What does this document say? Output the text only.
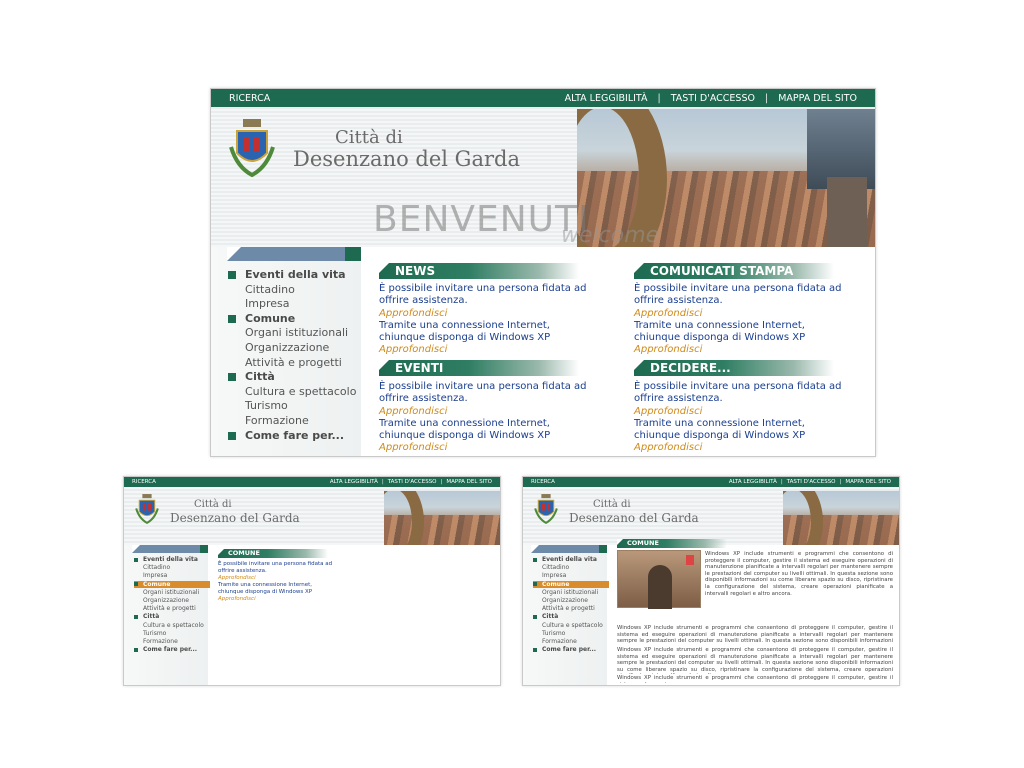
RICERCA	ALTA LEGGIBILITÀ | TASTI D'ACCESSO | MAPPA DEL SITO
Città di
Desenzano del Garda
BENVENUTI
welcome
Eventi della vita
Cittadino
Impresa
Comune
Organi istituzionali
Organizzazione
Attività e progetti
Città
Cultura e spettacolo
Turismo
Formazione
Come fare per...
NEWS
È possibile invitare una persona fidata ad offrire assistenza.
Approfondisci
Tramite una connessione Internet, chiunque disponga di Windows XP
Approfondisci
COMUNICATI STAMPA
È possibile invitare una persona fidata ad offrire assistenza.
Approfondisci
Tramite una connessione Internet, chiunque disponga di Windows XP
Approfondisci
EVENTI
È possibile invitare una persona fidata ad offrire assistenza.
Approfondisci
Tramite una connessione Internet, chiunque disponga di Windows XP
Approfondisci
DECIDERE...
È possibile invitare una persona fidata ad offrire assistenza.
Approfondisci
Tramite una connessione Internet, chiunque disponga di Windows XP
Approfondisci
RICERCA	ALTA LEGGIBILITÀ | TASTI D'ACCESSO | MAPPA DEL SITO
Città di
Desenzano del Garda
Eventi della vita
Cittadino
Impresa
Comune
Organi istituzionali
Organizzazione
Attività e progetti
Città
Cultura e spettacolo
Turismo
Formazione
Come fare per...
COMUNE
È possibile invitare una persona fidata ad offrire assistenza.
Approfondisci
Tramite una connessione Internet, chiunque disponga di Windows XP
Approfondisci
RICERCA	ALTA LEGGIBILITÀ | TASTI D'ACCESSO | MAPPA DEL SITO
Città di
Desenzano del Garda
Eventi della vita
Cittadino
Impresa
Comune
Organi istituzionali
Organizzazione
Attività e progetti
Città
Cultura e spettacolo
Turismo
Formazione
Come fare per...
COMUNE
Windows XP include strumenti e programmi che consentono di proteggere il computer, gestire il sistema ed eseguire operazioni di manutenzione pianificate a intervalli regolari per mantenere sempre le prestazioni del computer su livelli ottimali. In questa sezione sono disponibili informazioni su come liberare spazio su disco, ripristinare la configurazione del sistema, creare operazioni pianificate a intervalli regolari e altro ancora.
Windows XP include strumenti e programmi che consentono di proteggere il computer, gestire il sistema ed eseguire operazioni di manutenzione pianificate a intervalli regolari per mantenere sempre le prestazioni del computer su livelli ottimali. In questa sezione sono disponibili informazioni
Windows XP include strumenti e programmi che consentono di proteggere il computer, gestire il sistema ed eseguire operazioni di manutenzione pianificate a intervalli regolari per mantenere sempre le prestazioni del computer su livelli ottimali. In questa sezione sono disponibili informazioni su come liberare spazio su disco, ripristinare la configurazione del sistema, creare operazioni
Windows XP include strumenti e programmi che consentono di proteggere il computer, gestire il
